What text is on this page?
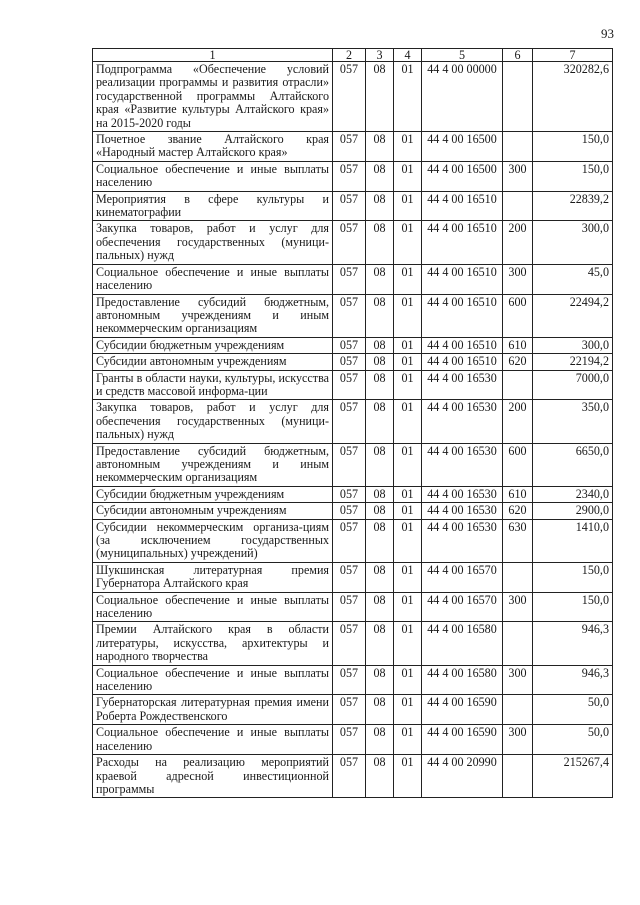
93
1	2	3	4	5	6	7
Подпрограмма «Обеспечение условий реализации программы и развития отрасли» государственной программы Алтайского края «Развитие культуры Алтайского края» на 2015-2020 годы	057	08	01	44 4 00 00000		320282,6
Почетное звание Алтайского края «Народный мастер Алтайского края»	057	08	01	44 4 00 16500		150,0
Социальное обеспечение и иные выплаты населению	057	08	01	44 4 00 16500	300	150,0
Мероприятия в сфере культуры и кинематографии	057	08	01	44 4 00 16510		22839,2
Закупка товаров, работ и услуг для обеспечения государственных (муници-пальных) нужд	057	08	01	44 4 00 16510	200	300,0
Социальное обеспечение и иные выплаты населению	057	08	01	44 4 00 16510	300	45,0
Предоставление субсидий бюджетным, автономным учреждениям и иным некоммерческим организациям	057	08	01	44 4 00 16510	600	22494,2
Субсидии бюджетным учреждениям	057	08	01	44 4 00 16510	610	300,0
Субсидии автономным учреждениям	057	08	01	44 4 00 16510	620	22194,2
Гранты в области науки, культуры, искусства и средств массовой информа-ции	057	08	01	44 4 00 16530		7000,0
Закупка товаров, работ и услуг для обеспечения государственных (муници-пальных) нужд	057	08	01	44 4 00 16530	200	350,0
Предоставление субсидий бюджетным, автономным учреждениям и иным некоммерческим организациям	057	08	01	44 4 00 16530	600	6650,0
Субсидии бюджетным учреждениям	057	08	01	44 4 00 16530	610	2340,0
Субсидии автономным учреждениям	057	08	01	44 4 00 16530	620	2900,0
Субсидии некоммерческим организа-циям (за исключением государственных (муниципальных) учреждений)	057	08	01	44 4 00 16530	630	1410,0
Шукшинская литературная премия Губернатора Алтайского края	057	08	01	44 4 00 16570		150,0
Социальное обеспечение и иные выплаты населению	057	08	01	44 4 00 16570	300	150,0
Премии Алтайского края в области литературы, искусства, архитектуры и народного творчества	057	08	01	44 4 00 16580		946,3
Социальное обеспечение и иные выплаты населению	057	08	01	44 4 00 16580	300	946,3
Губернаторская литературная премия имени Роберта Рождественского	057	08	01	44 4 00 16590		50,0
Социальное обеспечение и иные выплаты населению	057	08	01	44 4 00 16590	300	50,0
Расходы на реализацию мероприятий краевой адресной инвестиционной программы	057	08	01	44 4 00 20990		215267,4
